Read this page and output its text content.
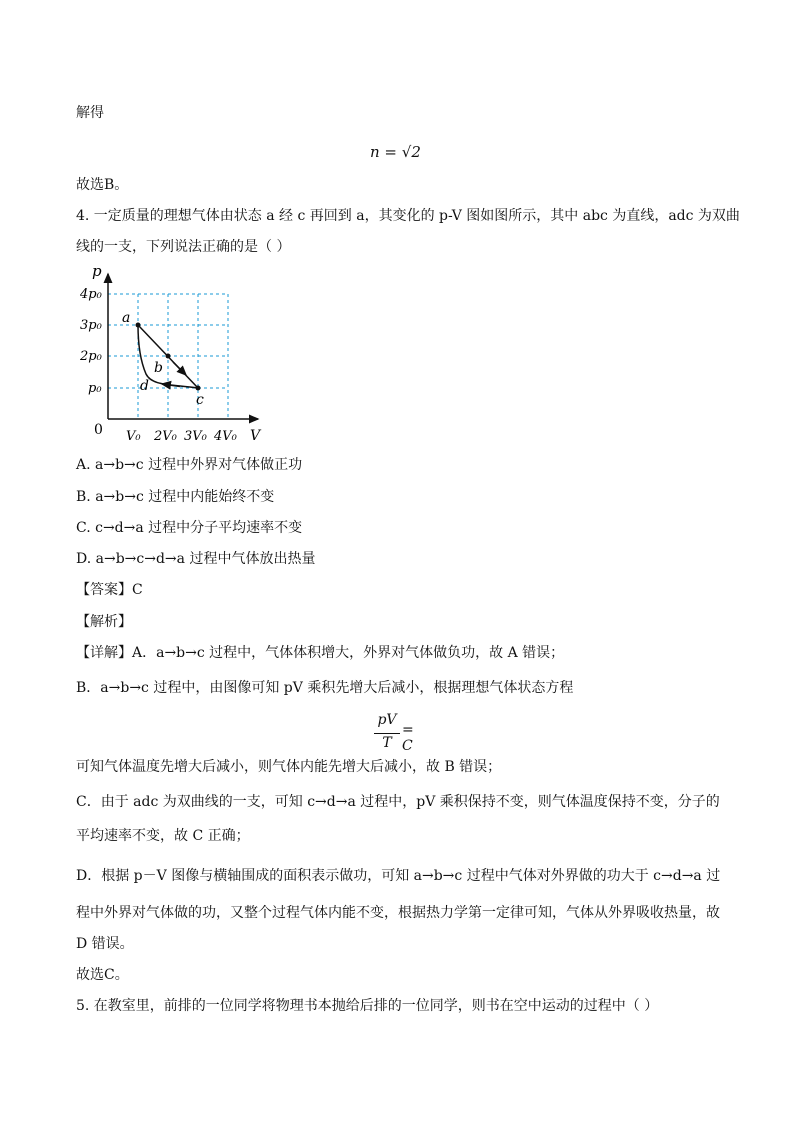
解得
n = √2
故选B。
4. 一定质量的理想气体由状态 a 经 c 再回到 a，其变化的 p-V 图如图所示，其中 abc 为直线，adc 为双曲
线的一支，下列说法正确的是（ ）
p
V
0
4p₀
3p₀
2p₀
p₀
V₀ 2V₀ 3V₀ 4V₀
a
b
c
d
A. a→b→c 过程中外界对气体做正功
B. a→b→c 过程中内能始终不变
C. c→d→a 过程中分子平均速率不变
D. a→b→c→d→a 过程中气体放出热量
【答案】C
【解析】
【详解】A．a→b→c 过程中，气体体积增大，外界对气体做负功，故 A 错误；
B．a→b→c 过程中，由图像可知 pV 乘积先增大后减小，根据理想气体状态方程
pV
T
= C
可知气体温度先增大后减小，则气体内能先增大后减小，故 B 错误；
C．由于 adc 为双曲线的一支，可知 c→d→a 过程中，pV 乘积保持不变，则气体温度保持不变，分子的
平均速率不变，故 C 正确；
D．根据 p－V 图像与横轴围成的面积表示做功，可知 a→b→c 过程中气体对外界做的功大于 c→d→a 过
程中外界对气体做的功，又整个过程气体内能不变，根据热力学第一定律可知，气体从外界吸收热量，故
D 错误。
故选C。
5. 在教室里，前排的一位同学将物理书本抛给后排的一位同学，则书在空中运动的过程中（ ）
